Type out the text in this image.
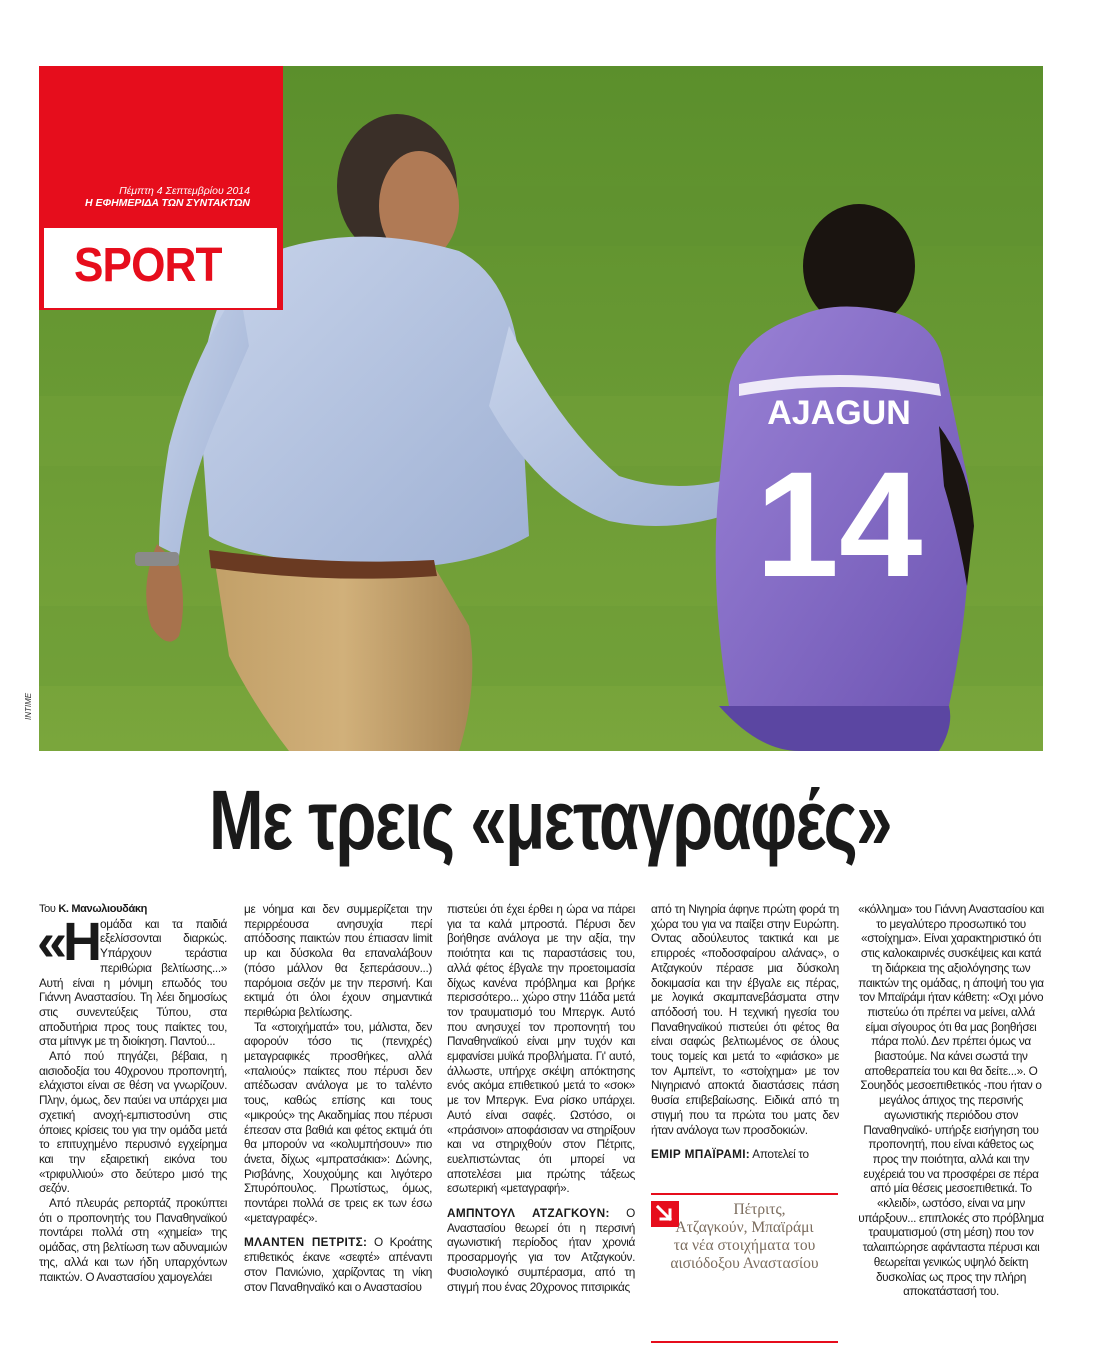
AJAGUN
14
INTIME
Πέμπτη 4 Σεπτεμβρίου 2014
Η ΕΦΗΜΕΡΙΔΑ ΤΩΝ ΣΥΝΤΑΚΤΩΝ
SPORT
Με τρεις «μεταγραφές»

Του Κ. Μανωλιουδάκη

«Η ομάδα και τα παιδιά εξελίσσονται διαρκώς. Υπάρχουν τεράστια περιθώρια βελτίωσης...» Αυτή είναι η μόνιμη επωδός του Γιάννη Αναστασίου. Τη λέει δημοσίως στις συνεντεύξεις Τύπου, στα αποδυτήρια προς τους παίκτες του, στα μίτινγκ με τη διοίκηση. Παντού...

Από πού πηγάζει, βέβαια, η αισιοδοξία του 40χρονου προπονητή, ελάχιστοι είναι σε θέση να γνωρίζουν. Πλην, όμως, δεν παύει να υπάρχει μια σχετική ανοχή-εμπιστοσύνη στις όποιες κρίσεις του για την ομάδα μετά το επιτυχημένο περυσινό εγχείρημα και την εξαιρετική εικόνα του «τριφυλλιού» στο δεύτερο μισό της σεζόν.

Από πλευράς ρεπορτάζ προκύπτει ότι ο προπονητής του Παναθηναϊκού ποντάρει πολλά στη «χημεία» της ομάδας, στη βελτίωση των αδυναμιών της, αλλά και των ήδη υπαρχόντων παικτών. Ο Αναστασίου χαμογελάει

με νόημα και δεν συμμερίζεται την περιρρέουσα ανησυχία περί απόδοσης παικτών που έπιασαν limit up και δύσκολα θα επαναλάβουν (πόσο μάλλον θα ξεπεράσουν...) παρόμοια σεζόν με την περσινή. Και εκτιμά ότι όλοι έχουν σημαντικά περιθώρια βελτίωσης.

Τα «στοιχήματά» του, μάλιστα, δεν αφορούν τόσο τις (πενιχρές) μεταγραφικές προσθήκες, αλλά «παλιούς» παίκτες που πέρυσι δεν απέδωσαν ανάλογα με το ταλέντο τους, καθώς επίσης και τους «μικρούς» της Ακαδημίας που πέρυσι έπεσαν στα βαθιά και φέτος εκτιμά ότι θα μπορούν να «κολυμπήσουν» πιο άνετα, δίχως «μπρατσάκια»: Δώνης, Ρισβάνης, Χουχούμης και λιγότερο Σπυρόπουλος. Πρωτίστως, όμως, ποντάρει πολλά σε τρεις εκ των έσω «μεταγραφές».

ΜΛΑΝΤΕΝ ΠΕΤΡΙΤΣ: Ο Κροάτης επιθετικός έκανε «σεφτέ» απέναντι στον Πανιώνιο, χαρίζοντας τη νίκη στον Παναθηναϊκό και ο Αναστασίου

πιστεύει ότι έχει έρθει η ώρα να πάρει για τα καλά μπροστά. Πέρυσι δεν βοήθησε ανάλογα με την αξία, την ποιότητα και τις παραστάσεις του, αλλά φέτος έβγαλε την προετοιμασία δίχως κανένα πρόβλημα και βρήκε περισσότερο... χώρο στην 11άδα μετά τον τραυματισμό του Μπεργκ. Αυτό που ανησυχεί τον προπονητή του Παναθηναϊκού είναι μην τυχόν και εμφανίσει μυϊκά προβλήματα. Γι' αυτό, άλλωστε, υπήρχε σκέψη απόκτησης ενός ακόμα επιθετικού μετά το «σοκ» με τον Μπεργκ. Ενα ρίσκο υπάρχει. Αυτό είναι σαφές. Ωστόσο, οι «πράσινοι» αποφάσισαν να στηρίξουν και να στηριχθούν στον Πέτριτς, ευελπιστώντας ότι μπορεί να αποτελέσει μια πρώτης τάξεως εσωτερική «μεταγραφή».

ΑΜΠΝΤΟΥΛ ΑΤΖΑΓΚΟΥΝ: Ο Αναστασίου θεωρεί ότι η περσινή αγωνιστική περίοδος ήταν χρονιά προσαρμογής για τον Ατζαγκούν. Φυσιολογικό συμπέρασμα, από τη στιγμή που ένας 20χρονος πιτσιρικάς

από τη Νιγηρία άφηνε πρώτη φορά τη χώρα του για να παίξει στην Ευρώπη. Οντας αδούλευτος τακτικά και με επιρροές «ποδοσφαίρου αλάνας», ο Ατζαγκούν πέρασε μια δύσκολη δοκιμασία και την έβγαλε εις πέρας, με λογικά σκαμπανεβάσματα στην απόδοσή του. Η τεχνική ηγεσία του Παναθηναϊκού πιστεύει ότι φέτος θα είναι σαφώς βελτιωμένος σε όλους τους τομείς και μετά το «φιάσκο» με τον Αμπεϊντ, το «στοίχημα» με τον Νιγηριανό αποκτά διαστάσεις πάση θυσία επιβεβαίωσης. Ειδικά από τη στιγμή που τα πρώτα του ματς δεν ήταν ανάλογα των προσδοκιών.

ΕΜΙΡ ΜΠΑΪΡΑΜΙ: Αποτελεί το

«κόλλημα» του Γιάννη Αναστασίου και το μεγαλύτερο προσωπικό του «στοίχημα». Είναι χαρακτηριστικό ότι στις καλοκαιρινές συσκέψεις και κατά τη διάρκεια της αξιολόγησης των παικτών της ομάδας, η άποψή του για τον Μπαϊράμι ήταν κάθετη: «Οχι μόνο πιστεύω ότι πρέπει να μείνει, αλλά είμαι σίγουρος ότι θα μας βοηθήσει πάρα πολύ. Δεν πρέπει όμως να βιαστούμε. Να κάνει σωστά την αποθεραπεία του και θα δείτε...». Ο Σουηδός μεσοεπιθετικός -που ήταν ο μεγάλος άπιχος της περσινής αγωνιστικής περιόδου στον Παναθηναϊκό- υπήρξε εισήγηση του προπονητή, που είναι κάθετος ως προς την ποιότητα, αλλά και την ευχέρειά του να προσφέρει σε πέρα από μία θέσεις μεσοεπιθετικά. Το «κλειδί», ωστόσο, είναι να μην υπάρξουν... επιπλοκές στο πρόβλημα τραυματισμού (στη μέση) που τον ταλαιπώρησε αφάνταστα πέρυσι και θεωρείται γενικώς υψηλό δείκτη δυσκολίας ως προς την πλήρη αποκατάστασή του.

Πέτριτς,
Ατζαγκούν, Μπαϊράμι
τα νέα στοιχήματα του
αισιόδοξου Αναστασίου
